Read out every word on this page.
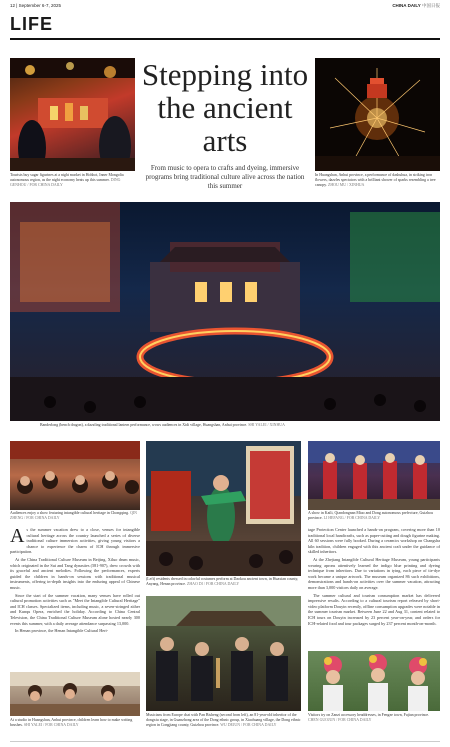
12 | September 6-7, 2025	CHINA DAILY 中国日报
LIFE
Tourists buy sugar figurines at a night market in Hohhot, Inner Mongolia autonomous region, as the night economy heats up this summer. DING GENHOU / FOR CHINA DAILY
Stepping into the ancient arts
From music to opera to crafts and dyeing, immersive programs bring traditional culture alive across the nation this summer
In Huangshan, Anhui province, a performance of dashuhua, in striking iron flowers, dazzles spectators with a brilliant shower of sparks resembling a tree canopy. ZHOU MU / XINHUA
Banderlong (bench dragon), a dazzling traditional lantern performance, wows audiences in Xidi village, Huangshan, Anhui province. SHI YALEI / XINHUA
Audiences enjoy a show featuring intangible cultural heritage in Chongqing. QIN ZHENG / FOR CHINA DAILY

As the summer vacation drew to a close, venues for intangible cultural heritage across the country launched a series of diverse traditional culture immersion activities, giving young visitors a chance to experience the charm of ICH through immersive participation.

At the China Traditional Culture Museum in Beijing, Xiluo drum music, which originated in the Sui and Tang dynasties (581-907), drew crowds with its graceful and ancient melodies. Following the performances, experts guided the children in hands-on sessions with traditional musical instruments, offering in-depth insights into the enduring appeal of Chinese music.

Since the start of the summer vacation, many venues have rolled out cultural promotion activities such as "Meet the Intangible Cultural Heritage" and ICH classes. Specialized items, including music, a seven-stringed zither and Kunqu Opera, enriched the holiday. According to China Central Television, the China Traditional Culture Museum alone hosted nearly 300 events this summer, with a daily average attendance surpassing 13,000.

In Henan province, the Henan Intangible Cultural Heri-

(Left) residents dressed in colorful costumes perform at Daokou ancient town, in Huaxian county, Anyang, Henan province. ZHAO DI / FOR CHINA DAILY
A show in Kaili, Qiandongnan Miao and Dong autonomous prefecture, Guizhou province. LI HEFANG / FOR CHINA DAILY

tage Protection Center launched a hands-on program, covering more than 10 traditional local handicrafts, such as paper-cutting and dough figurine making. All 60 sessions were fully booked. During a ceramics workshop on Changsha kiln tradition, children engaged with this ancient craft under the guidance of skilled inheritors.

At the Zhejiang Intangible Cultural Heritage Museum, young participants wearing aprons attentively learned the indigo blue printing and dyeing technique from inheritors. Due to variations in tying, each piece of tie-dye work became a unique artwork. The museum organized 86 such exhibitions, demonstrations and hands-on activities over the summer vacation, attracting more than 3,000 visitors daily on average.

The summer cultural and tourism consumption market has delivered impressive results. According to a cultural tourism report released by short-video platform Douyin recently, offline consumption upgrades were notable in the summer tourism market. Between June 22 and Aug 31, content related to ICH tours on Douyin increased by 23 percent year-on-year, and orders for ICH-related food and tour packages surged by 237 percent month-on-month.

At a studio in Huangshan, Anhui province, children learn how to make writing brushes. SHI YALEI / FOR CHINA DAILY
Musicians from Europe chat with Pan Bisheng (second from left), an 81-year-old inheritor of the dongxiu stage, in Guanzhong area of the Dong ethnic group, in Xiaohuang village, the Dong ethnic region in Congjiang county, Guizhou province. WU DEJUN / FOR CHINA DAILY
Visitors try on Zanzi accessory headdresses, in Fengze town, Fujian province. CHEN GUOJUN / FOR CHINA DAILY
